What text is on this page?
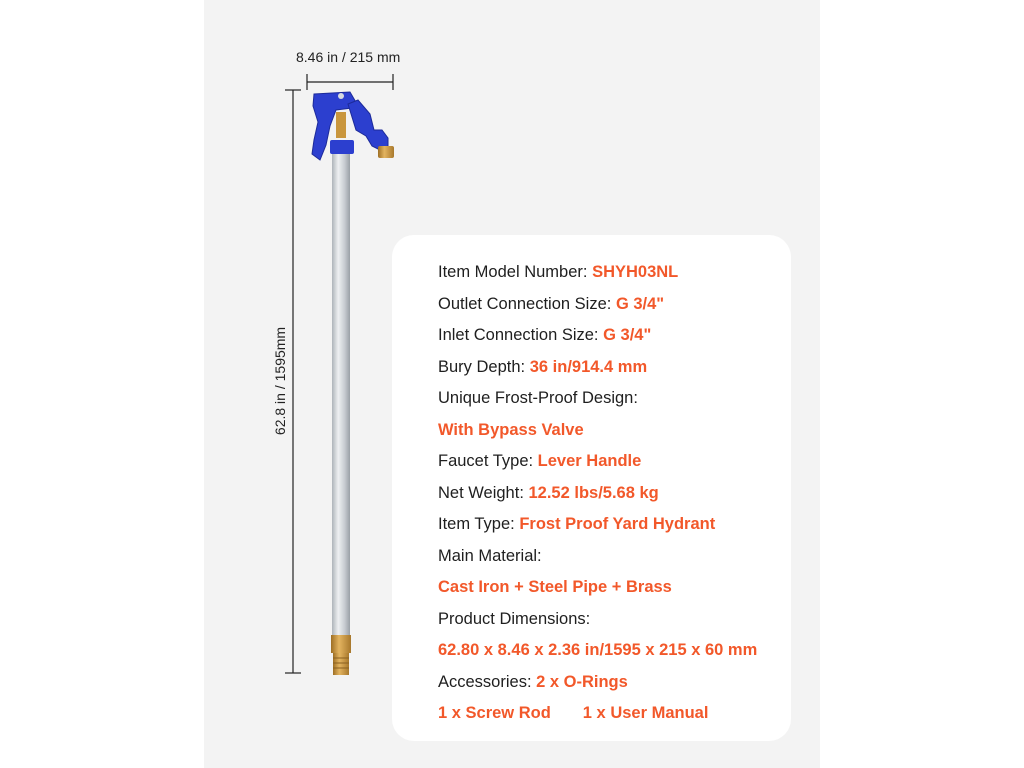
8.46 in / 215 mm
62.8 in / 1595mm
Item Model Number: SHYH03NL
Outlet Connection Size: G 3/4"
Inlet Connection Size: G 3/4"
Bury Depth: 36 in/914.4 mm
Unique Frost-Proof Design:
With Bypass Valve
Faucet Type: Lever Handle
Net Weight: 12.52 lbs/5.68 kg
Item Type: Frost Proof Yard Hydrant
Main Material:
Cast Iron + Steel Pipe + Brass
Product Dimensions:
62.80 x 8.46 x 2.36 in/1595 x 215 x 60 mm
Accessories: 2 x O-Rings
1 x Screw Rod 1 x User Manual
